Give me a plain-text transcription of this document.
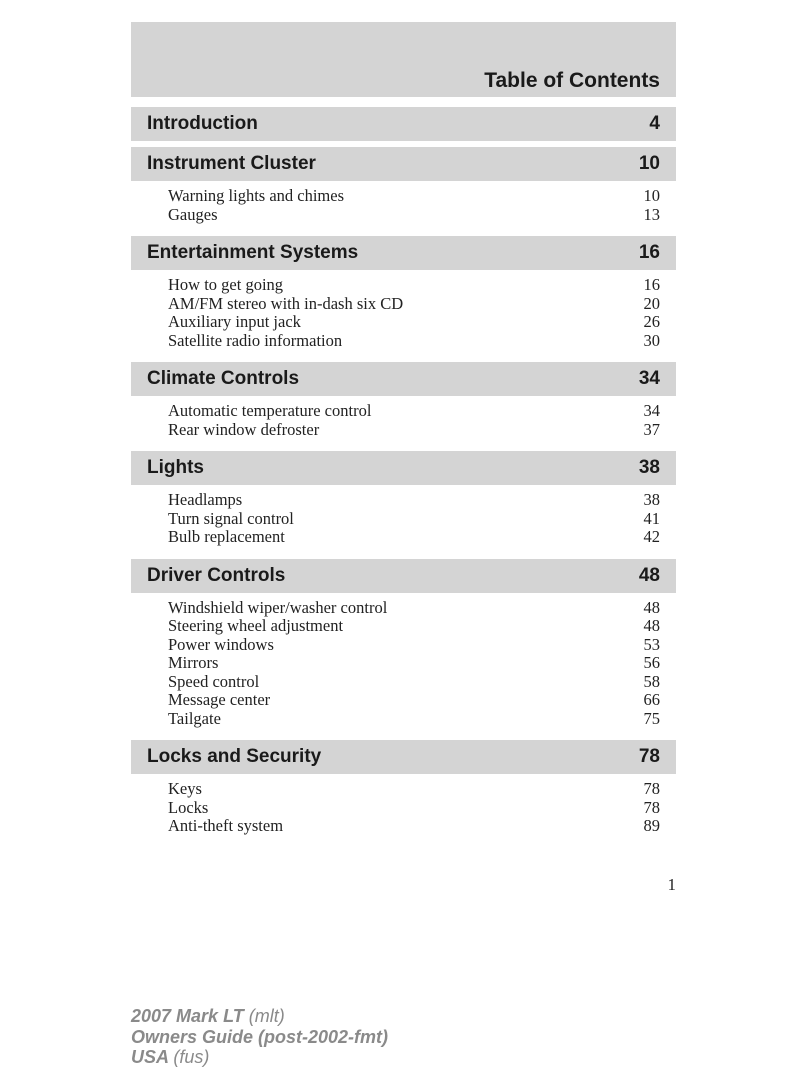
Table of Contents
Introduction	4
Instrument Cluster	10
Warning lights and chimes	10
Gauges	13
Entertainment Systems	16
How to get going	16
AM/FM stereo with in-dash six CD	20
Auxiliary input jack	26
Satellite radio information	30
Climate Controls	34
Automatic temperature control	34
Rear window defroster	37
Lights	38
Headlamps	38
Turn signal control	41
Bulb replacement	42
Driver Controls	48
Windshield wiper/washer control	48
Steering wheel adjustment	48
Power windows	53
Mirrors	56
Speed control	58
Message center	66
Tailgate	75
Locks and Security	78
Keys	78
Locks	78
Anti-theft system	89
1
2007 Mark LT (mlt)
Owners Guide (post-2002-fmt)
USA (fus)
